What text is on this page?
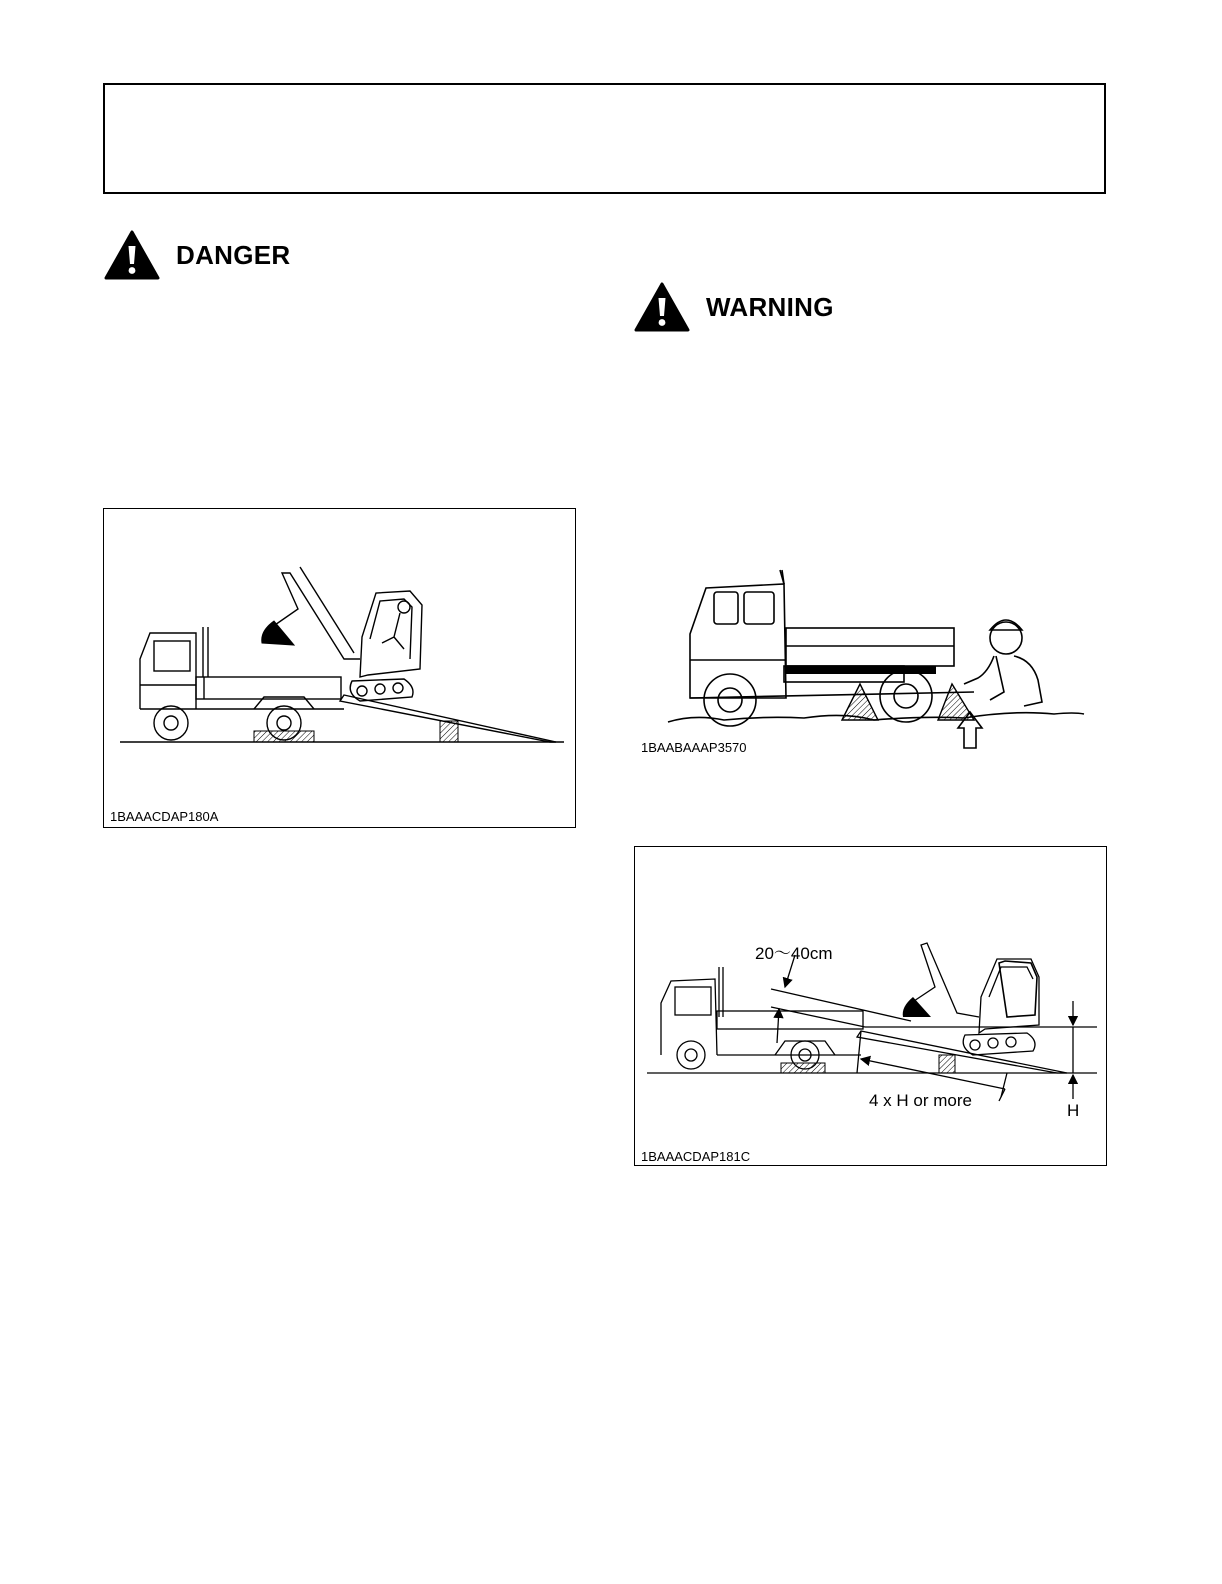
DANGER
WARNING
1BAAACDAP180A
1BAABAAAP3570
20～40cm
4 x H or more
H
1BAAACDAP181C
